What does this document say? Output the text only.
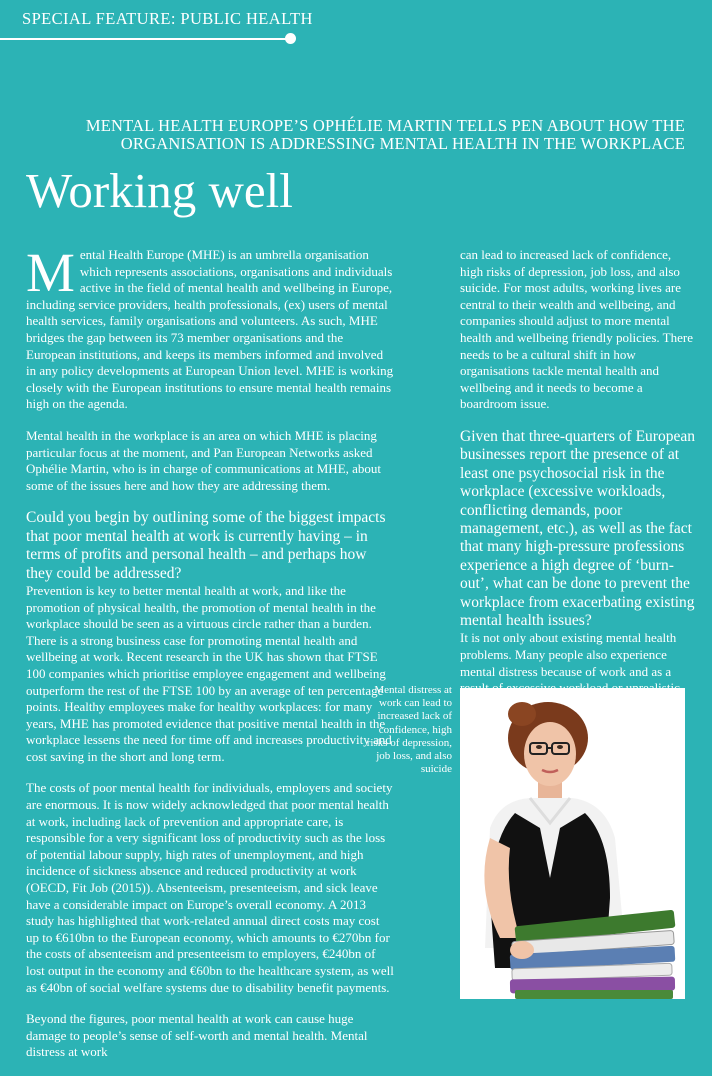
SPECIAL FEATURE: PUBLIC HEALTH
MENTAL HEALTH EUROPE’S OPHÉLIE MARTIN TELLS PEN ABOUT HOW THE ORGANISATION IS ADDRESSING MENTAL HEALTH IN THE WORKPLACE
Working well

Mental Health Europe (MHE) is an umbrella organisation which represents associations, organisations and individuals active in the field of mental health and wellbeing in Europe, including service providers, health professionals, (ex) users of mental health services, family organisations and volunteers. As such, MHE bridges the gap between its 73 member organisations and the European institutions, and keeps its members informed and involved in any policy developments at European Union level. MHE is working closely with the European institutions to ensure mental health remains high on the agenda.

Mental health in the workplace is an area on which MHE is placing particular focus at the moment, and Pan European Networks asked Ophélie Martin, who is in charge of communications at MHE, about some of the issues here and how they are addressing them.

Could you begin by outlining some of the biggest impacts that poor mental health at work is currently having – in terms of profits and personal health – and perhaps how they could be addressed?

Prevention is key to better mental health at work, and like the promotion of physical health, the promotion of mental health in the workplace should be seen as a virtuous circle rather than a burden. There is a strong business case for promoting mental health and wellbeing at work. Recent research in the UK has shown that FTSE 100 companies which prioritise employee engagement and wellbeing outperform the rest of the FTSE 100 by an average of ten percentage points. Healthy employees make for healthy workplaces: for many years, MHE has promoted evidence that positive mental health in the workplace lessens the need for time off and increases productivity and cost saving in the short and long term.

The costs of poor mental health for individuals, employers and society are enormous. It is now widely acknowledged that poor mental health at work, including lack of prevention and appropriate care, is responsible for a very significant loss of productivity such as the loss of potential labour supply, high rates of unemployment, and high incidence of sickness absence and reduced productivity at work (OECD, Fit Job (2015)). Absenteeism, presenteeism, and sick leave have a considerable impact on Europe’s overall economy. A 2013 study has highlighted that work-related annual direct costs may cost up to €610bn to the European economy, which amounts to €270bn for the costs of absenteeism and presenteeism to employers, €240bn of lost output in the economy and €60bn to the healthcare system, as well as €40bn of social welfare systems due to disability benefit payments.

Beyond the figures, poor mental health at work can cause huge damage to people’s sense of self-worth and mental health. Mental distress at work

Mental distress at work can lead to increased lack of confidence, high risks of depression, job loss, and also suicide

can lead to increased lack of confidence, high risks of depression, job loss, and also suicide. For most adults, working lives are central to their wealth and wellbeing, and companies should adjust to more mental health and wellbeing friendly policies. There needs to be a cultural shift in how organisations tackle mental health and wellbeing and it needs to become a boardroom issue.

Given that three-quarters of European businesses report the presence of at least one psychosocial risk in the workplace (excessive workloads, conflicting demands, poor management, etc.), as well as the fact that many high-pressure professions experience a high degree of ‘burn-out’, what can be done to prevent the workplace from exacerbating existing mental health issues?

It is not only about existing mental health problems. Many people also experience mental distress because of work and as a
